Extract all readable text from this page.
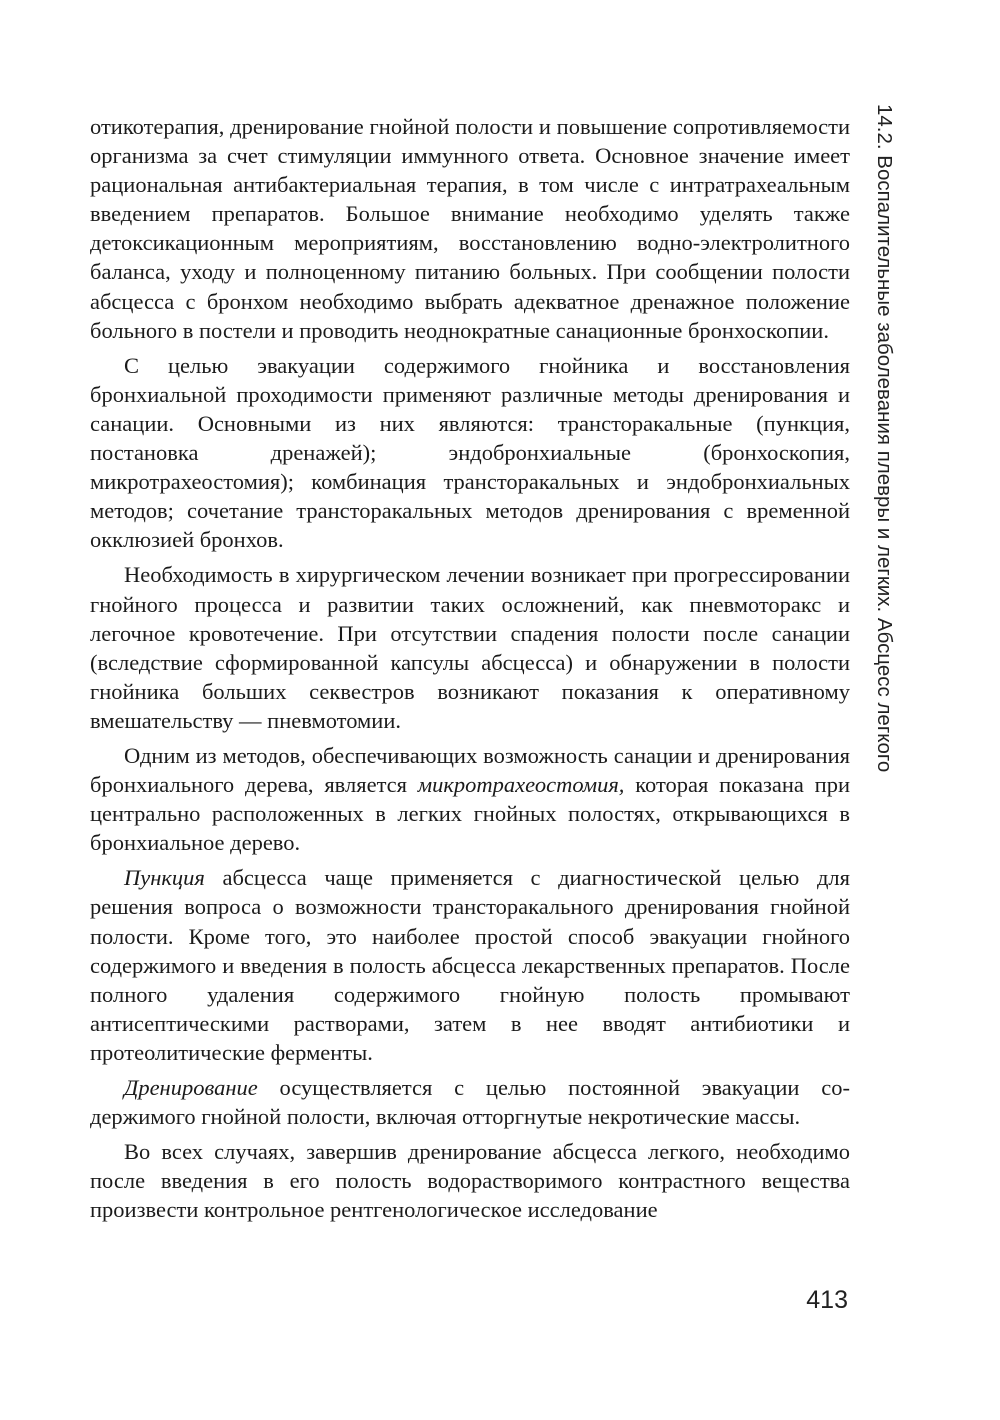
отикотерапия, дренирование гнойной полости и повышение сопротивляемости организма за счет стимуляции иммунного ответа. Основное значение имеет рациональная антибактериальная терапия, в том числе с интратрахеальным введением препаратов. Большое внимание необходимо уделять также детоксикационным мероприятиям, восстановлению водно-электролитного баланса, уходу и полноценному питанию больных. При сообщении полости абсцесса с бронхом необходимо выбрать адекватное дренажное положение больного в постели и проводить неоднократные санационные бронхоскопии.

С целью эвакуации содержимого гнойника и восстановления бронхиальной проходимости применяют различные методы дренирования и санации. Основными из них являются: трансторакальные (пункция, постановка дренажей); эндобронхиальные (бронхоскопия, микротрахеостомия); комбинация трансторакальных и эндобронхиальных методов; сочетание трансторакальных методов дренирования с временной окклюзией бронхов.

Необходимость в хирургическом лечении возникает при прогрессировании гнойного процесса и развитии таких осложнений, как пневмоторакс и легочное кровотечение. При отсутствии спадения полости после санации (вследствие сформированной капсулы абсцесса) и обнаружении в полости гнойника больших секвестров возникают показания к оперативному вмешательству — пневмотомии.

Одним из методов, обеспечивающих возможность санации и дренирования бронхиального дерева, является микротрахеостомия, которая показана при центрально расположенных в легких гнойных полостях, открывающихся в бронхиальное дерево.

Пункция абсцесса чаще применяется с диагностической целью для решения вопроса о возможности трансторакального дренирования гнойной полости. Кроме того, это наиболее простой способ эвакуации гнойного содержимого и введения в полость абсцесса лекарственных препаратов. После полного удаления содержимого гнойную полость промывают антисептическими растворами, затем в нее вводят антибиотики и протеолитические ферменты.

Дренирование осуществляется с целью постоянной эвакуации содержимого гнойной полости, включая отторгнутые некротические массы.

Во всех случаях, завершив дренирование абсцесса легкого, необходимо после введения в его полость водорастворимого контрастного вещества произвести контрольное рентгенологическое исследование

14.2. Воспалительные заболевания плевры и легких. Абсцесс легкого
413
